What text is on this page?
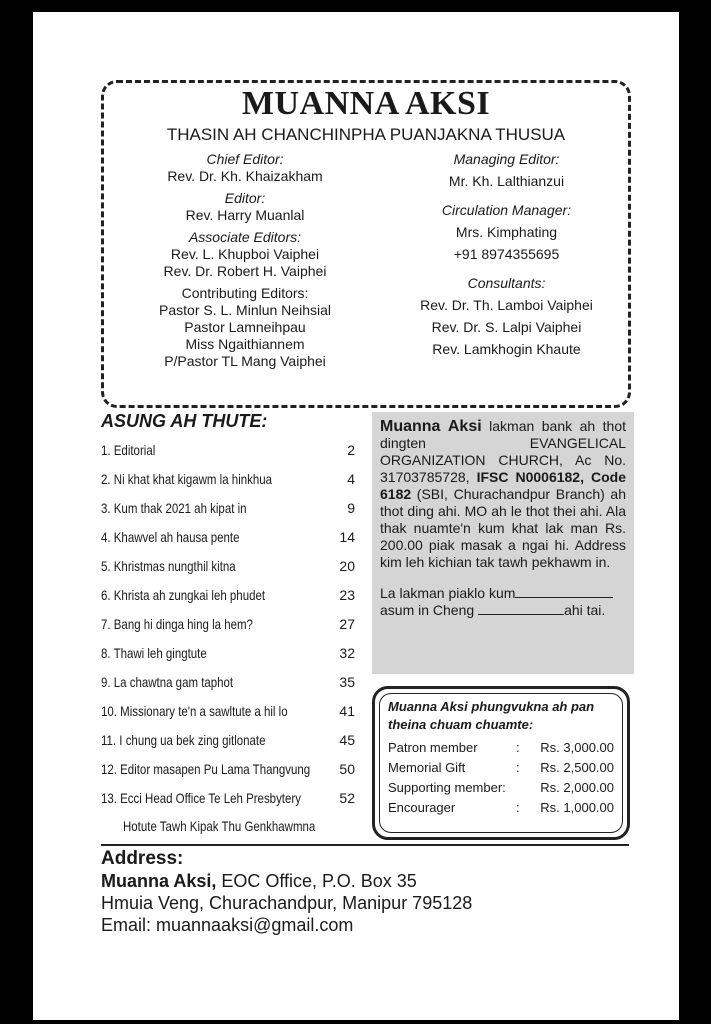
MUANNA AKSI
THASIN AH CHANCHINPHA PUANJAKNA THUSUA
Chief Editor:
Rev. Dr. Kh. Khaizakham
Editor:
Rev. Harry Muanlal
Associate Editors:
Rev. L. Khupboi Vaiphei
Rev. Dr. Robert H. Vaiphei
Contributing Editors:
Pastor S. L. Minlun Neihsial
Pastor Lamneihpau
Miss Ngaithiannem
P/Pastor TL Mang Vaiphei
Managing Editor:
Mr. Kh. Lalthianzui
Circulation Manager:
Mrs. Kimphating
+91 8974355695
Consultants:
Rev. Dr. Th. Lamboi Vaiphei
Rev. Dr. S. Lalpi Vaiphei
Rev. Lamkhogin Khaute
ASUNG AH THUTE:
1. Editorial	2
2. Ni khat khat kigawm la hinkhua	4
3. Kum thak 2021 ah kipat in	9
4. Khawvel ah hausa pente	14
5. Khristmas nungthil kitna	20
6. Khrista ah zungkai leh phudet	23
7. Bang hi dinga hing la hem?	27
8. Thawi leh gingtute	32
9. La chawtna gam taphot	35
10. Missionary te'n a sawltute a hil lo	41
11. I chung ua bek zing gitlonate	45
12. Editor masapen Pu Lama Thangvung 50
13. Ecci Head Office Te Leh Presbytery
Hotute Tawh Kipak Thu Genkhawmna
52
Muanna Aksi lakman bank ah thot dingten EVANGELICAL ORGANIZATION CHURCH, Ac No. 31703785728, IFSC N0006182, Code 6182 (SBI, Churachandpur Branch) ah thot ding ahi. MO ah le thot thei ahi. Ala thak nuamte'n kum khat lak man Rs. 200.00 piak masak a ngai hi. Address kim leh kichian tak tawh pekhawm in.
La lakman piaklo kum
asum in Cheng	ahi tai.
Muanna Aksi phungvukna ah pan theina chuam chuamte:
Patron member	: Rs. 3,000.00
Memorial Gift	: Rs. 2,500.00
Supporting member:	Rs. 2,000.00
Encourager	: Rs. 1,000.00
Address:
Muanna Aksi, EOC Office, P.O. Box 35
Hmuia Veng, Churachandpur, Manipur 795128
Email: muannaaksi@gmail.com
